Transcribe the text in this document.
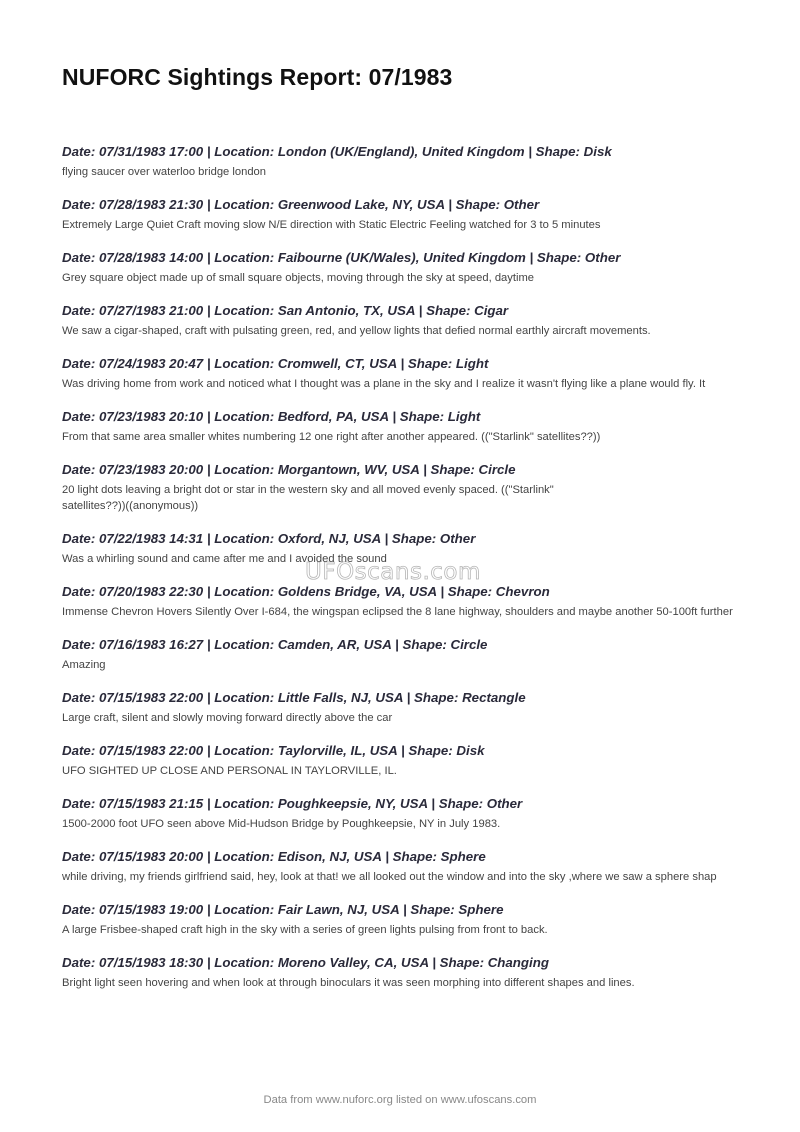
NUFORC Sightings Report: 07/1983

Date: 07/31/1983 17:00 | Location: London (UK/England), United Kingdom | Shape: Disk

flying saucer over waterloo bridge london

Date: 07/28/1983 21:30 | Location: Greenwood Lake, NY, USA | Shape: Other

Extremely Large Quiet Craft moving slow N/E direction with Static Electric Feeling watched for 3 to 5 minutes

Date: 07/28/1983 14:00 | Location: Faibourne (UK/Wales), United Kingdom | Shape: Other

Grey square object made up of small square objects, moving through the sky at speed, daytime

Date: 07/27/1983 21:00 | Location: San Antonio, TX, USA | Shape: Cigar

We saw a cigar-shaped, craft with pulsating green, red, and yellow lights that defied normal earthly aircraft movements.

Date: 07/24/1983 20:47 | Location: Cromwell, CT, USA | Shape: Light

Was driving home from work and noticed what I thought was a plane in the sky and I realize it wasn't flying like a plane would fly. It

Date: 07/23/1983 20:10 | Location: Bedford, PA, USA | Shape: Light

From that same area smaller whites numbering 12 one right after another appeared. (("Starlink" satellites??))

Date: 07/23/1983 20:00 | Location: Morgantown, WV, USA | Shape: Circle

20 light dots leaving a bright dot or star in the western sky and all moved evenly spaced. (("Starlink" satellites??))((anonymous))

Date: 07/22/1983 14:31 | Location: Oxford, NJ, USA | Shape: Other

Was a whirling sound and came after me and I avoided the sound

Date: 07/20/1983 22:30 | Location: Goldens Bridge, VA, USA | Shape: Chevron

Immense Chevron Hovers Silently Over I-684, the wingspan eclipsed the 8 lane highway, shoulders and maybe another 50-100ft further

Date: 07/16/1983 16:27 | Location: Camden, AR, USA | Shape: Circle

Amazing

Date: 07/15/1983 22:00 | Location: Little Falls, NJ, USA | Shape: Rectangle

Large craft, silent and slowly moving forward directly above the car

Date: 07/15/1983 22:00 | Location: Taylorville, IL, USA | Shape: Disk

UFO SIGHTED UP CLOSE AND PERSONAL IN TAYLORVILLE, IL.

Date: 07/15/1983 21:15 | Location: Poughkeepsie, NY, USA | Shape: Other

1500-2000 foot UFO seen above Mid-Hudson Bridge by Poughkeepsie, NY in July 1983.

Date: 07/15/1983 20:00 | Location: Edison, NJ, USA | Shape: Sphere

while driving, my friends girlfriend said, hey, look at that! we all looked out the window and into the sky ,where we saw a sphere shap

Date: 07/15/1983 19:00 | Location: Fair Lawn, NJ, USA | Shape: Sphere

A large Frisbee-shaped craft high in the sky with a series of green lights pulsing from front to back.

Date: 07/15/1983 18:30 | Location: Moreno Valley, CA, USA | Shape: Changing

Bright light seen hovering and when look at through binoculars it was seen morphing into different shapes and lines.

UFOscans.com
Data from www.nuforc.org listed on www.ufoscans.com
